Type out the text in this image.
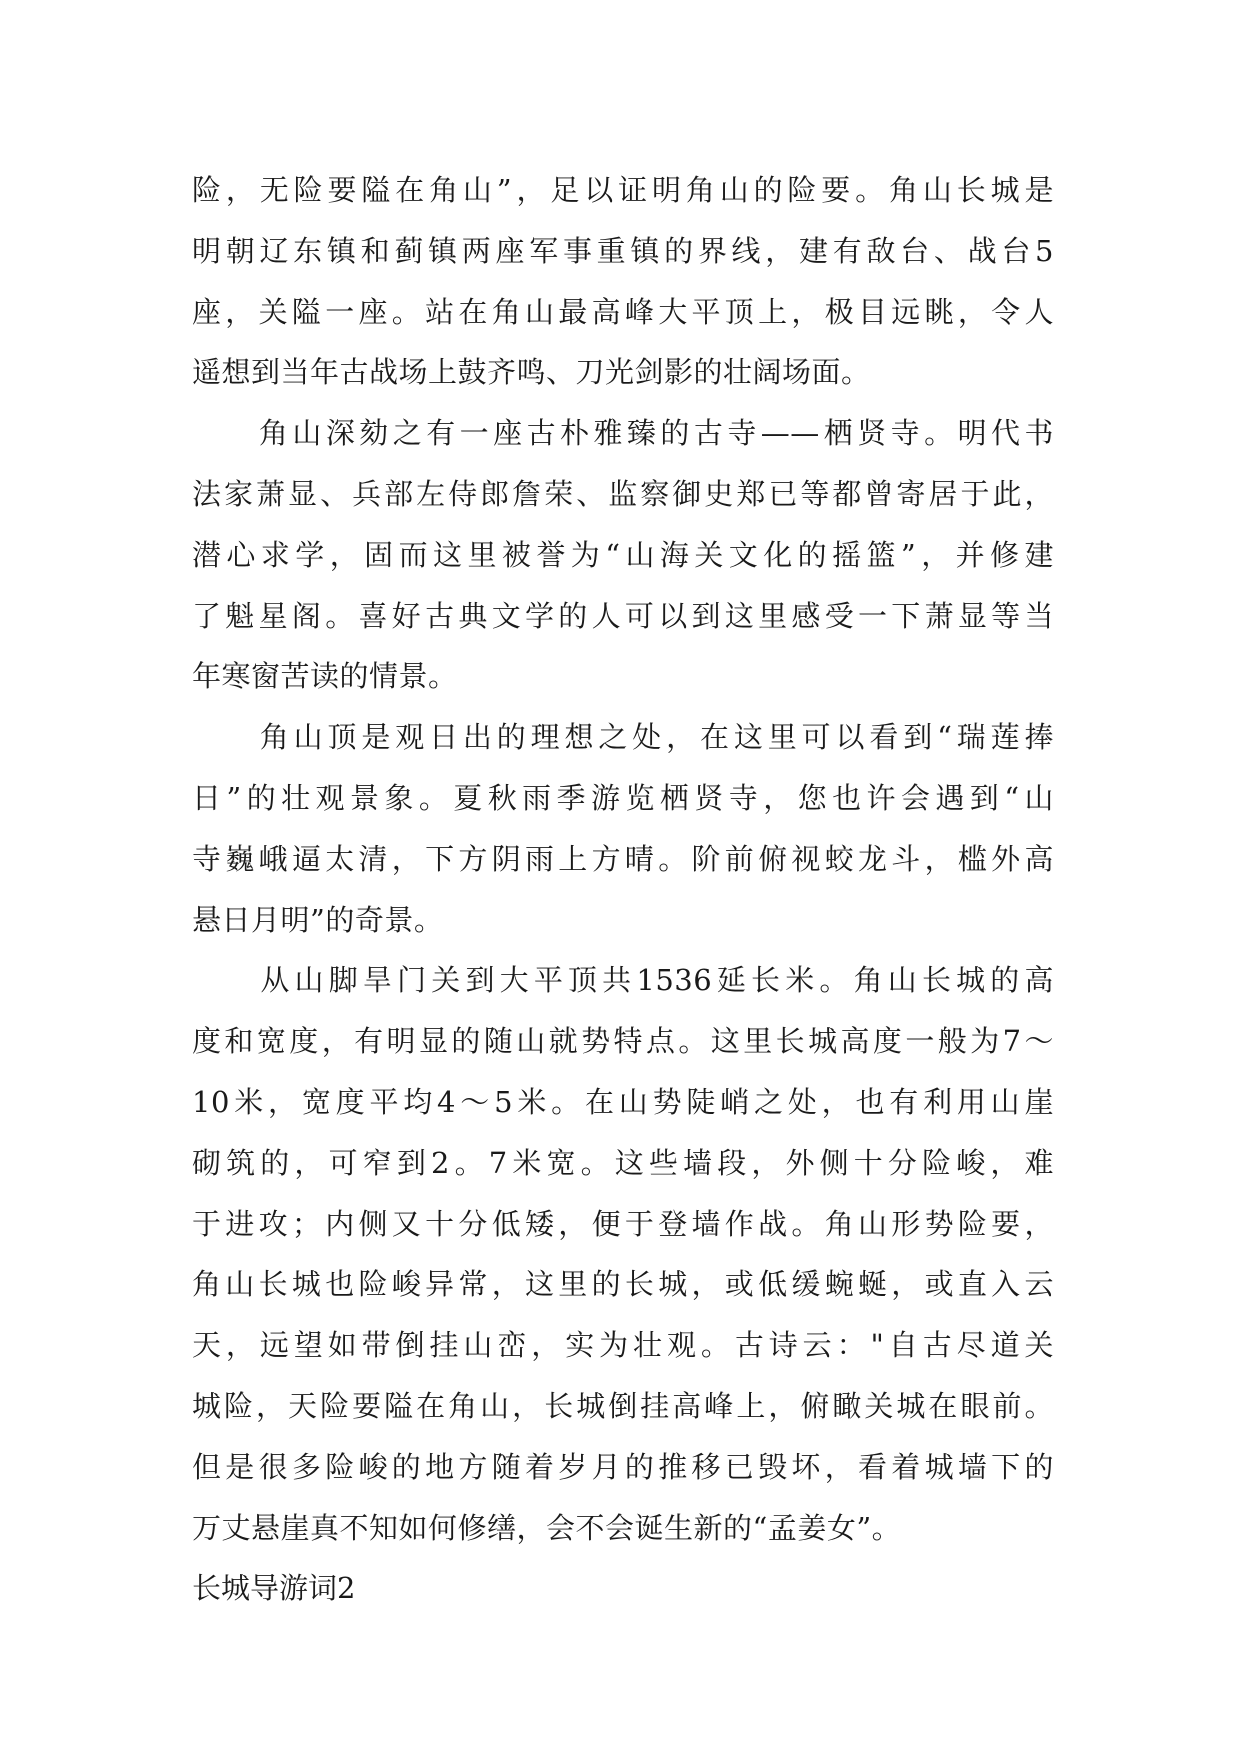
险，无险要隘在角山”，足以证明角山的险要。角山长城是
明朝辽东镇和蓟镇两座军事重镇的界线，建有敌台、战台5
座，关隘一座。站在角山最高峰大平顶上，极目远眺，令人
遥想到当年古战场上鼓齐鸣、刀光剑影的壮阔场面。
　　角山深劾之有一座古朴雅臻的古寺——栖贤寺。明代书
法家萧显、兵部左侍郎詹荣、监察御史郑已等都曾寄居于此，
潜心求学，固而这里被誉为“山海关文化的摇篮”，并修建
了魁星阁。喜好古典文学的人可以到这里感受一下萧显等当
年寒窗苦读的情景。
　　角山顶是观日出的理想之处，在这里可以看到“瑞莲捧
日”的壮观景象。夏秋雨季游览栖贤寺，您也许会遇到“山
寺巍峨逼太清，下方阴雨上方晴。阶前俯视蛟龙斗，槛外高
悬日月明”的奇景。
　　从山脚旱门关到大平顶共1536延长米。角山长城的高
度和宽度，有明显的随山就势特点。这里长城高度一般为7～
10米，宽度平均4～5米。在山势陡峭之处，也有利用山崖
砌筑的，可窄到2。7米宽。这些墙段，外侧十分险峻，难
于进攻；内侧又十分低矮，便于登墙作战。角山形势险要，
角山长城也险峻异常，这里的长城，或低缓蜿蜒，或直入云
天，远望如带倒挂山峦，实为壮观。古诗云："自古尽道关
城险，天险要隘在角山，长城倒挂高峰上，俯瞰关城在眼前。
但是很多险峻的地方随着岁月的推移已毁坏，看着城墙下的
万丈悬崖真不知如何修缮，会不会诞生新的“孟姜女”。
长城导游词2
